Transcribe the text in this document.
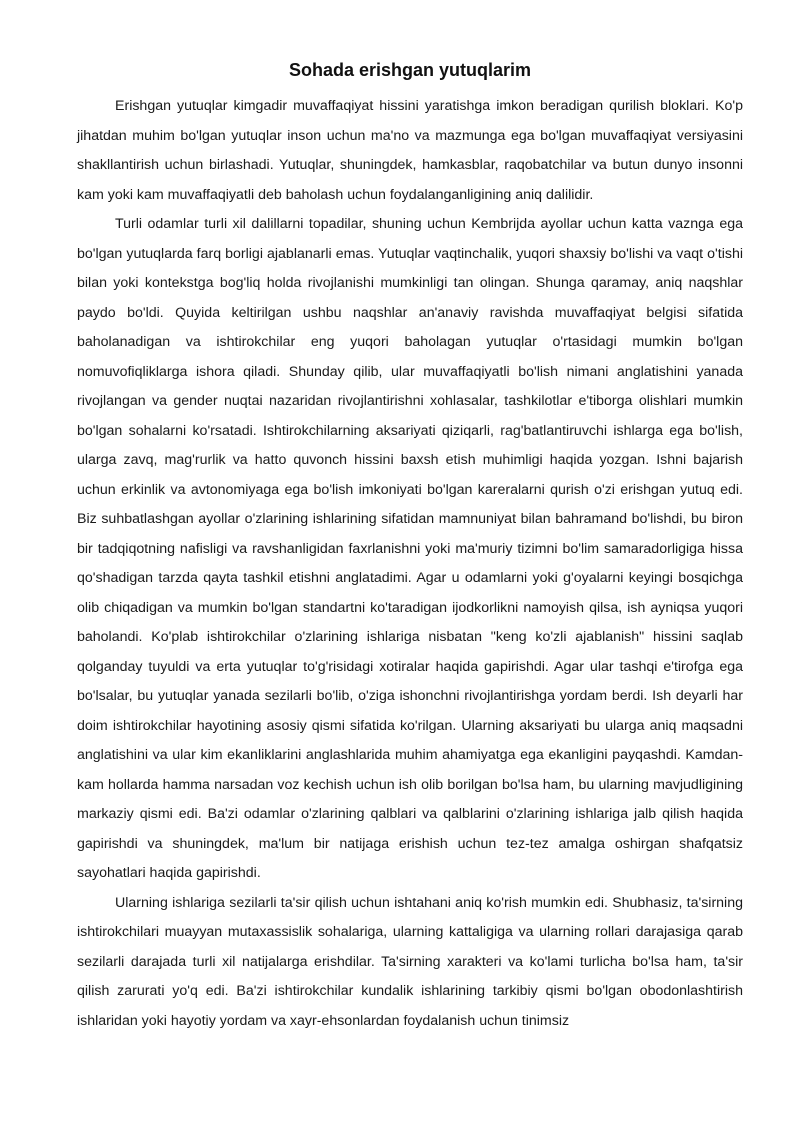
Sohada erishgan yutuqlarim

Erishgan yutuqlar kimgadir muvaffaqiyat hissini yaratishga imkon beradigan qurilish bloklari. Ko'p jihatdan muhim bo'lgan yutuqlar inson uchun ma'no va mazmunga ega bo'lgan muvaffaqiyat versiyasini shakllantirish uchun birlashadi. Yutuqlar, shuningdek, hamkasblar, raqobatchilar va butun dunyo insonni kam yoki kam muvaffaqiyatli deb baholash uchun foydalanganligining aniq dalilidir.

Turli odamlar turli xil dalillarni topadilar, shuning uchun Kembrijda ayollar uchun katta vaznga ega bo'lgan yutuqlarda farq borligi ajablanarli emas. Yutuqlar vaqtinchalik, yuqori shaxsiy bo'lishi va vaqt o'tishi bilan yoki kontekstga bog'liq holda rivojlanishi mumkinligi tan olingan. Shunga qaramay, aniq naqshlar paydo bo'ldi. Quyida keltirilgan ushbu naqshlar an'anaviy ravishda muvaffaqiyat belgisi sifatida baholanadigan va ishtirokchilar eng yuqori baholagan yutuqlar o'rtasidagi mumkin bo'lgan nomuvofiqliklarga ishora qiladi. Shunday qilib, ular muvaffaqiyatli bo'lish nimani anglatishini yanada rivojlangan va gender nuqtai nazaridan rivojlantirishni xohlasalar, tashkilotlar e'tiborga olishlari mumkin bo'lgan sohalarni ko'rsatadi. Ishtirokchilarning aksariyati qiziqarli, rag'batlantiruvchi ishlarga ega bo'lish, ularga zavq, mag'rurlik va hatto quvonch hissini baxsh etish muhimligi haqida yozgan. Ishni bajarish uchun erkinlik va avtonomiyaga ega bo'lish imkoniyati bo'lgan kareralarni qurish o'zi erishgan yutuq edi. Biz suhbatlashgan ayollar o'zlarining ishlarining sifatidan mamnuniyat bilan bahramand bo'lishdi, bu biron bir tadqiqotning nafisligi va ravshanligidan faxrlanishni yoki ma'muriy tizimni bo'lim samaradorligiga hissa qo'shadigan tarzda qayta tashkil etishni anglatadimi. Agar u odamlarni yoki g'oyalarni keyingi bosqichga olib chiqadigan va mumkin bo'lgan standartni ko'taradigan ijodkorlikni namoyish qilsa, ish ayniqsa yuqori baholandi. Ko'plab ishtirokchilar o'zlarining ishlariga nisbatan "keng ko'zli ajablanish" hissini saqlab qolganday tuyuldi va erta yutuqlar to'g'risidagi xotiralar haqida gapirishdi. Agar ular tashqi e'tirofga ega bo'lsalar, bu yutuqlar yanada sezilarli bo'lib, o'ziga ishonchni rivojlantirishga yordam berdi. Ish deyarli har doim ishtirokchilar hayotining asosiy qismi sifatida ko'rilgan. Ularning aksariyati bu ularga aniq maqsadni anglatishini va ular kim ekanliklarini anglashlarida muhim ahamiyatga ega ekanligini payqashdi. Kamdan-kam hollarda hamma narsadan voz kechish uchun ish olib borilgan bo'lsa ham, bu ularning mavjudligining markaziy qismi edi. Ba'zi odamlar o'zlarining qalblari va qalblarini o'zlarining ishlariga jalb qilish haqida gapirishdi va shuningdek, ma'lum bir natijaga erishish uchun tez-tez amalga oshirgan shafqatsiz sayohatlari haqida gapirishdi.

Ularning ishlariga sezilarli ta'sir qilish uchun ishtahani aniq ko'rish mumkin edi. Shubhasiz, ta'sirning ishtirokchilari muayyan mutaxassislik sohalariga, ularning kattaligiga va ularning rollari darajasiga qarab sezilarli darajada turli xil natijalarga erishdilar. Ta'sirning xarakteri va ko'lami turlicha bo'lsa ham, ta'sir qilish zarurati yo'q edi. Ba'zi ishtirokchilar kundalik ishlarining tarkibiy qismi bo'lgan obodonlashtirish ishlaridan yoki hayotiy yordam va xayr-ehsonlardan foydalanish uchun tinimsiz
